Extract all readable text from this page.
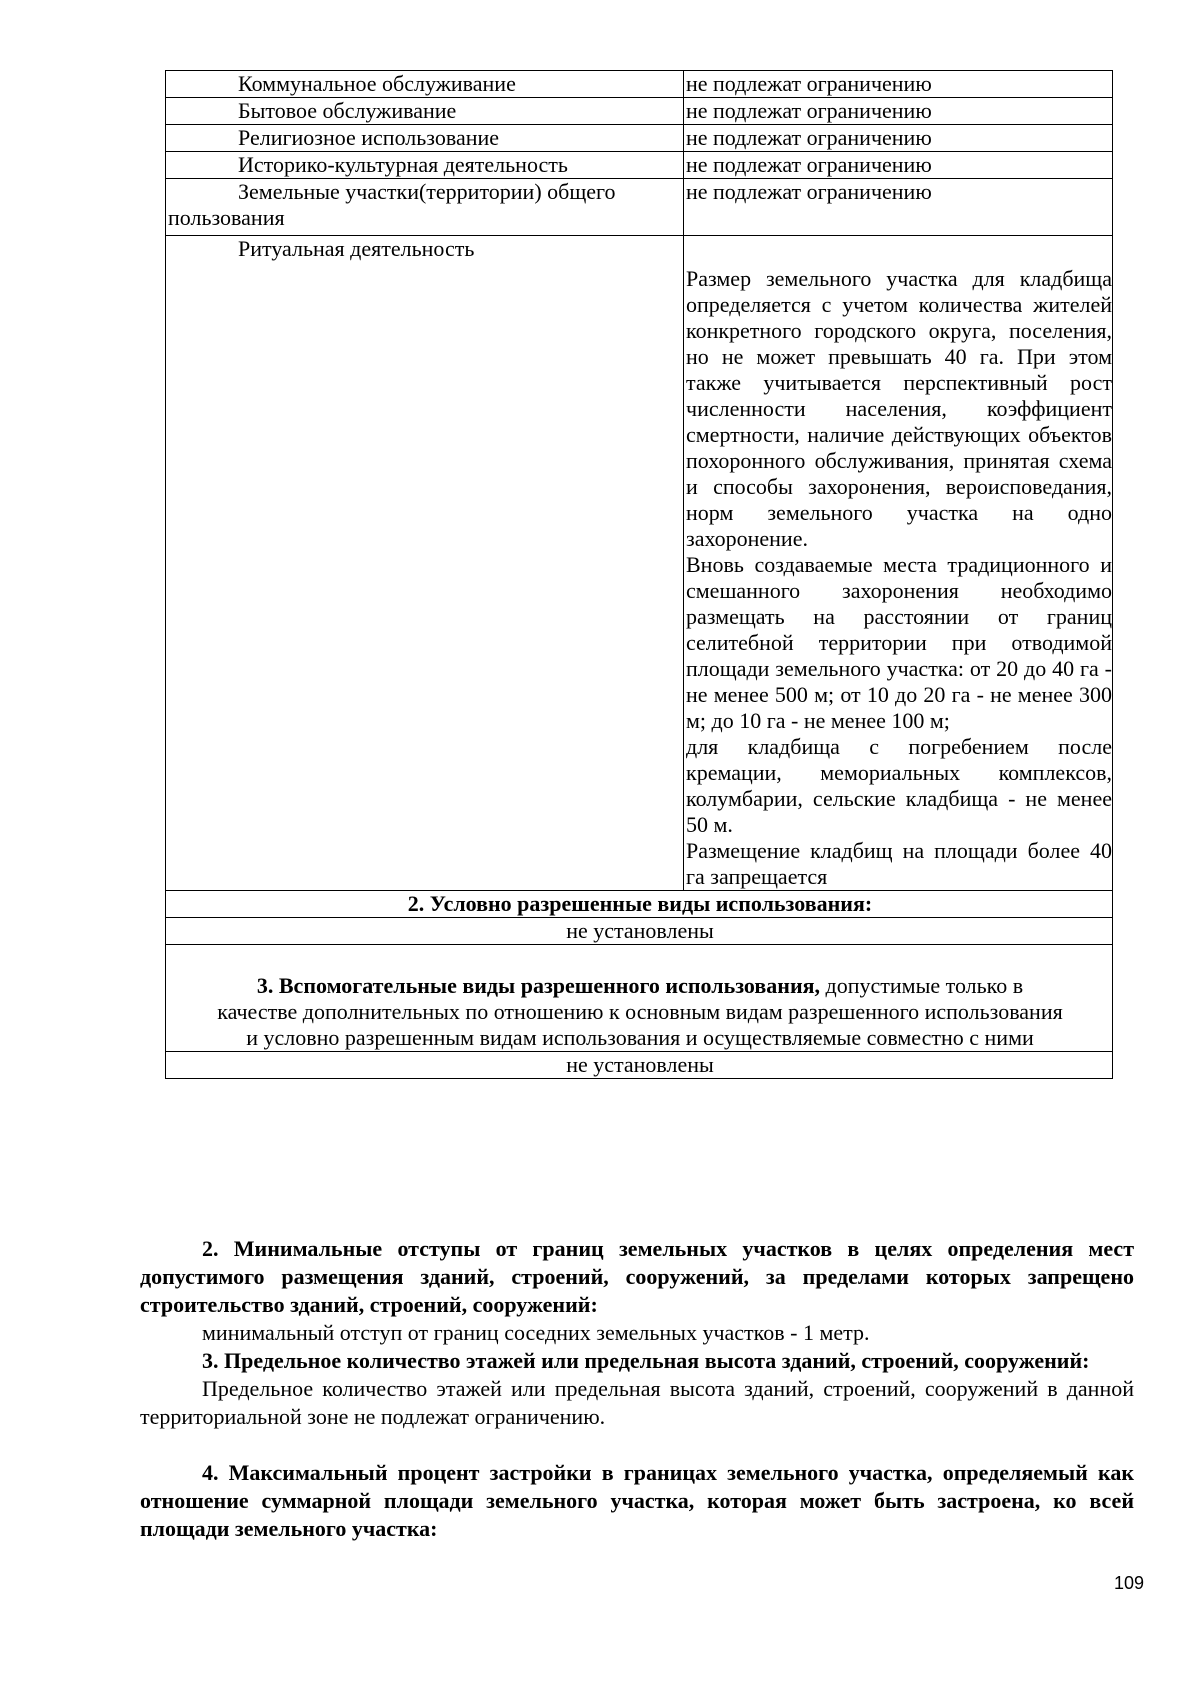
Коммунальное обслуживание	не подлежат ограничению

Бытовое обслуживание	не подлежат ограничению

Религиозное использование	не подлежат ограничению

Историко-культурная деятельность	не подлежат ограничению

Земельные участки(территории) общего
пользования	не подлежат ограничению

Ритуальная деятельность	Размер земельного участка для кладбища определяется с учетом количества жителей конкретного городского округа, поселения, но не может превышать 40 га. При этом также учитывается перспективный рост численности населения, коэффициент смертности, наличие действующих объектов похоронного обслуживания, принятая схема и способы захоронения, вероисповедания, норм земельного участка на одно захоронение.

Вновь создаваемые места традиционного и смешанного захоронения необходимо размещать на расстоянии от границ селитебной территории при отводимой площади земельного участка: от 20 до 40 га - не менее 500 м; от 10 до 20 га - не менее 300 м; до 10 га - не менее 100 м;

для кладбища с погребением после кремации, мемориальных комплексов, колумбарии, сельские кладбища - не менее 50 м.

Размещение кладбищ на площади более 40 га запрещается

2. Условно разрешенные виды использования:	
не установлены	
3. Вспомогательные виды разрешенного использования, допустимые только в
качестве дополнительных по отношению к основным видам разрешенного использования
и условно разрешенным видам использования и осуществляемые совместно с ними	
не установлены	

2. Минимальные отступы от границ земельных участков в целях определения мест допустимого размещения зданий, строений, сооружений, за пределами которых запрещено строительство зданий, строений, сооружений:

минимальный отступ от границ соседних земельных участков - 1 метр.

3. Предельное количество этажей или предельная высота зданий, строений, сооружений:

Предельное количество этажей или предельная высота зданий, строений, сооружений в данной территориальной зоне не подлежат ограничению.

4. Максимальный процент застройки в границах земельного участка, определяемый как отношение суммарной площади земельного участка, которая может быть застроена, ко всей площади земельного участка:

109
